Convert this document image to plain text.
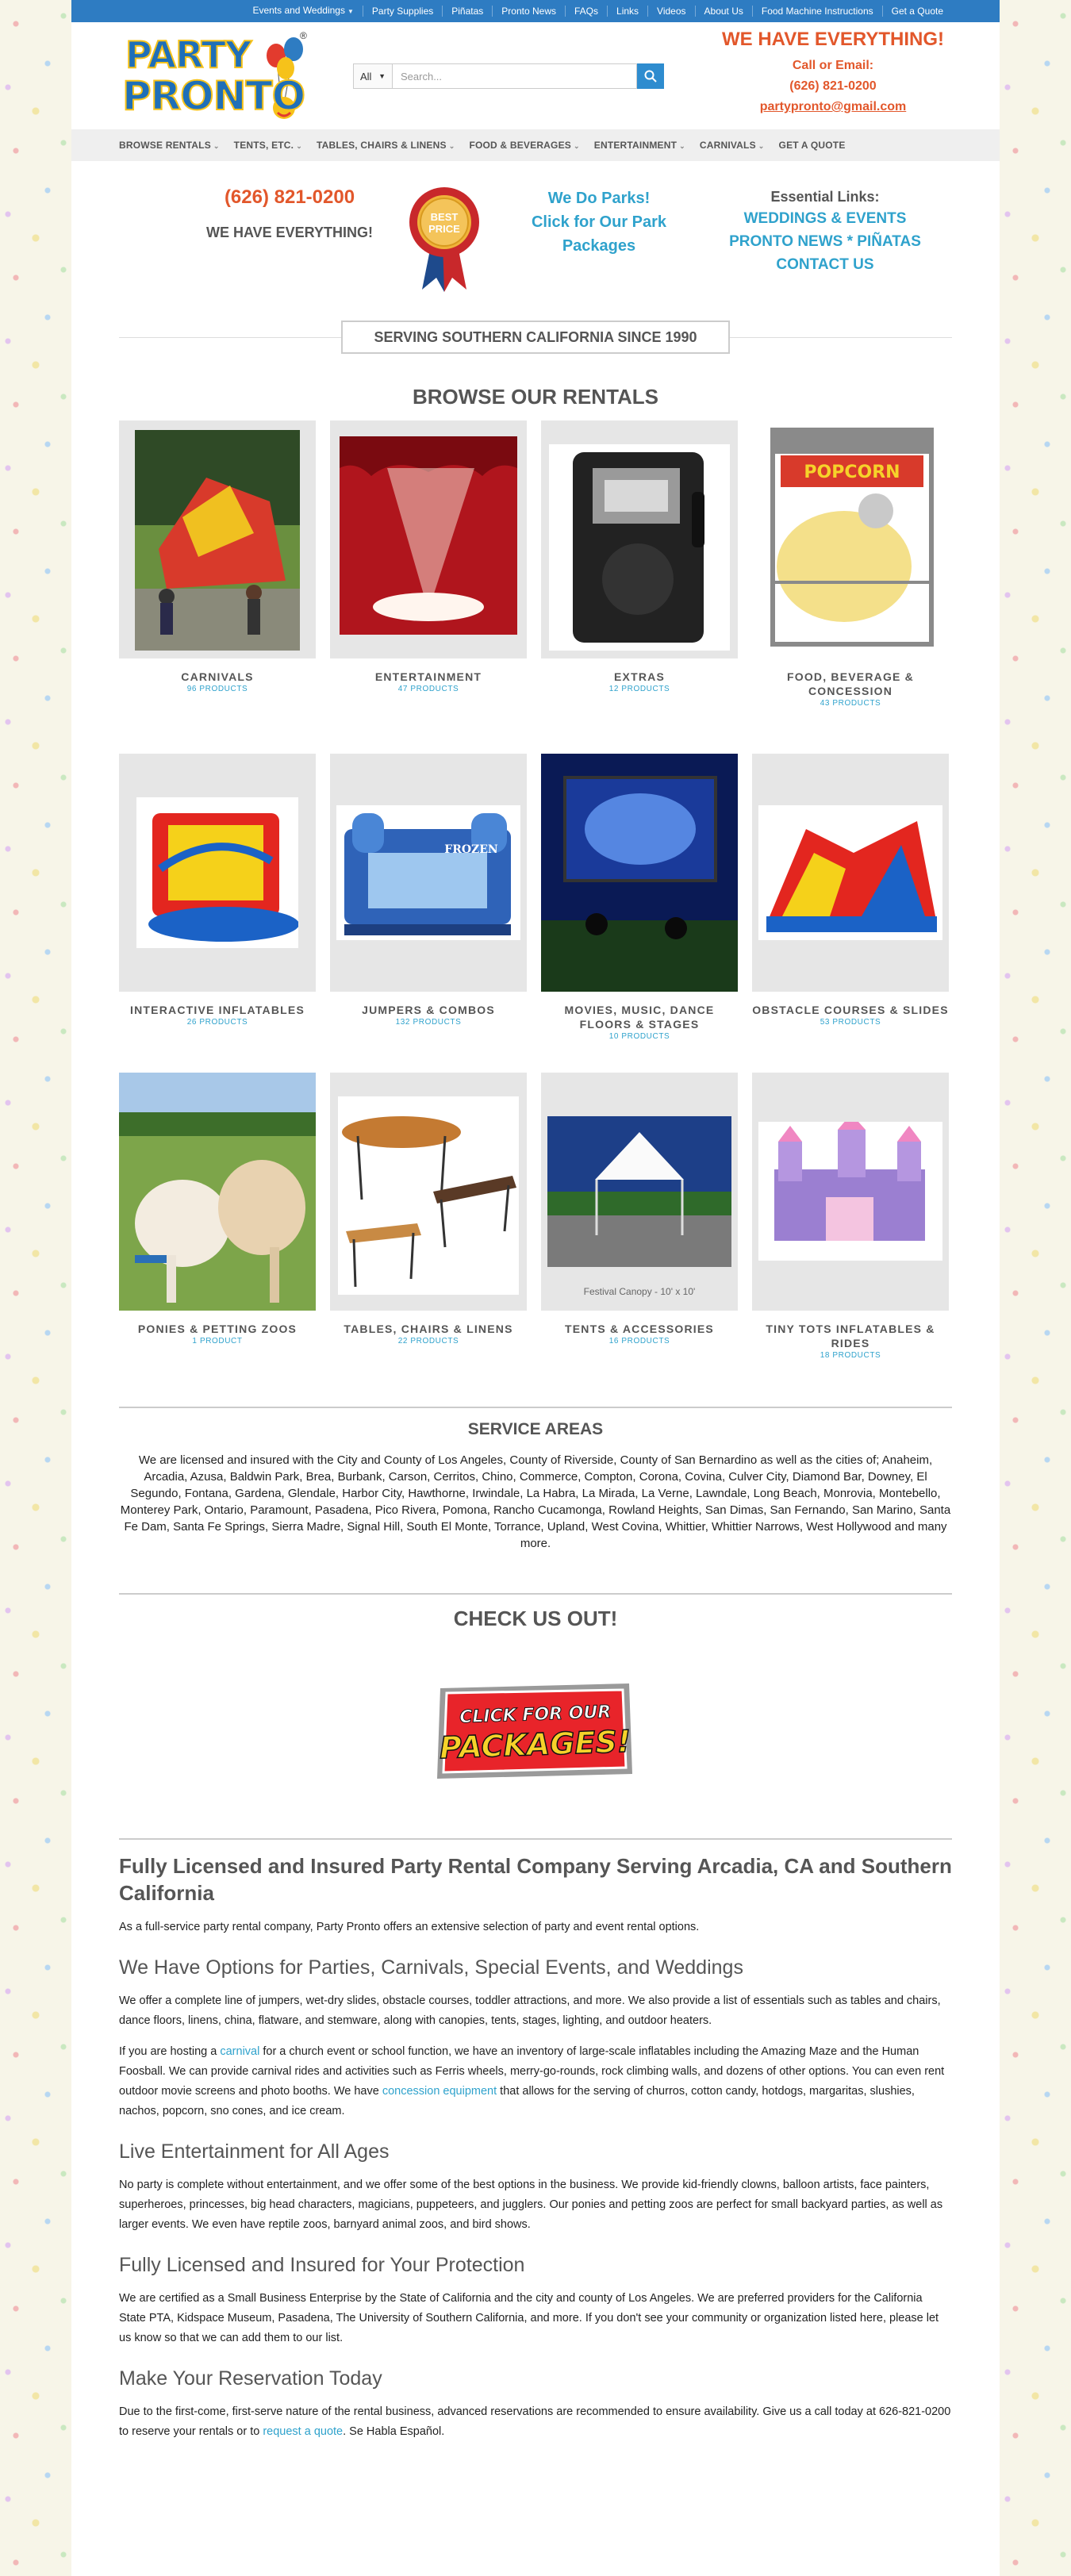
Events and Weddings ▼	Party Supplies	Piñatas	Pronto News	FAQs	Links	Videos	About Us	Food Machine Instructions	Get a Quote
PARTY
PRONTO
®
All ▼ Search...
WE HAVE EVERYTHING!
Call or Email:
(626) 821-0200
partypronto@gmail.com
BROWSE RENTALS ⌄ TENTS, ETC. ⌄ TABLES, CHAIRS & LINENS ⌄ FOOD & BEVERAGES ⌄ ENTERTAINMENT ⌄ CARNIVALS ⌄ GET A QUOTE
(626) 821-0200
WE HAVE EVERYTHING!
BEST
PRICE
We Do Parks!
Click for Our Park
Packages
Essential Links:
WEDDINGS & EVENTS
PRONTO NEWS * PIÑATAS
CONTACT US
SERVING SOUTHERN CALIFORNIA SINCE 1990
BROWSE OUR RENTALS
CARNIVALS
96 PRODUCTS
ENTERTAINMENT
47 PRODUCTS
EXTRAS
12 PRODUCTS
POPCORN
FOOD, BEVERAGE & CONCESSION
43 PRODUCTS
INTERACTIVE INFLATABLES
26 PRODUCTS
FROZEN
JUMPERS & COMBOS
132 PRODUCTS
MOVIES, MUSIC, DANCE FLOORS & STAGES
10 PRODUCTS
OBSTACLE COURSES & SLIDES
53 PRODUCTS
PONIES & PETTING ZOOS
1 PRODUCT
TABLES, CHAIRS & LINENS
22 PRODUCTS
Festival Canopy - 10' x 10'
TENTS & ACCESSORIES
16 PRODUCTS
TINY TOTS INFLATABLES & RIDES
18 PRODUCTS
SERVICE AREAS
We are licensed and insured with the City and County of Los Angeles, County of Riverside, County of San Bernardino as well as the cities of; Anaheim, Arcadia, Azusa, Baldwin Park, Brea, Burbank, Carson, Cerritos, Chino, Commerce, Compton, Corona, Covina, Culver City, Diamond Bar, Downey, El Segundo, Fontana, Gardena, Glendale, Harbor City, Hawthorne, Irwindale, La Habra, La Mirada, La Verne, Lawndale, Long Beach, Monrovia, Montebello, Monterey Park, Ontario, Paramount, Pasadena, Pico Rivera, Pomona, Rancho Cucamonga, Rowland Heights, San Dimas, San Fernando, San Marino, Santa Fe Dam, Santa Fe Springs, Sierra Madre, Signal Hill, South El Monte, Torrance, Upland, West Covina, Whittier, Whittier Narrows, West Hollywood and many more.
CHECK US OUT!
CLICK FOR OUR
PACKAGES!
Fully Licensed and Insured Party Rental Company Serving Arcadia, CA and Southern California

As a full-service party rental company, Party Pronto offers an extensive selection of party and event rental options.

We Have Options for Parties, Carnivals, Special Events, and Weddings

We offer a complete line of jumpers, wet-dry slides, obstacle courses, toddler attractions, and more. We also provide a list of essentials such as tables and chairs, dance floors, linens, china, flatware, and stemware, along with canopies, tents, stages, lighting, and outdoor heaters.

If you are hosting a carnival for a church event or school function, we have an inventory of large-scale inflatables including the Amazing Maze and the Human Foosball. We can provide carnival rides and activities such as Ferris wheels, merry-go-rounds, rock climbing walls, and dozens of other options. You can even rent outdoor movie screens and photo booths. We have concession equipment that allows for the serving of churros, cotton candy, hotdogs, margaritas, slushies, nachos, popcorn, sno cones, and ice cream.

Live Entertainment for All Ages

No party is complete without entertainment, and we offer some of the best options in the business. We provide kid-friendly clowns, balloon artists, face painters, superheroes, princesses, big head characters, magicians, puppeteers, and jugglers. Our ponies and petting zoos are perfect for small backyard parties, as well as larger events. We even have reptile zoos, barnyard animal zoos, and bird shows.

Fully Licensed and Insured for Your Protection

We are certified as a Small Business Enterprise by the State of California and the city and county of Los Angeles. We are preferred providers for the California State PTA, Kidspace Museum, Pasadena, The University of Southern California, and more. If you don't see your community or organization listed here, please let us know so that we can add them to our list.

Make Your Reservation Today

Due to the first-come, first-serve nature of the rental business, advanced reservations are recommended to ensure availability. Give us a call today at 626-821-0200 to reserve your rentals or to request a quote. Se Habla Español.
